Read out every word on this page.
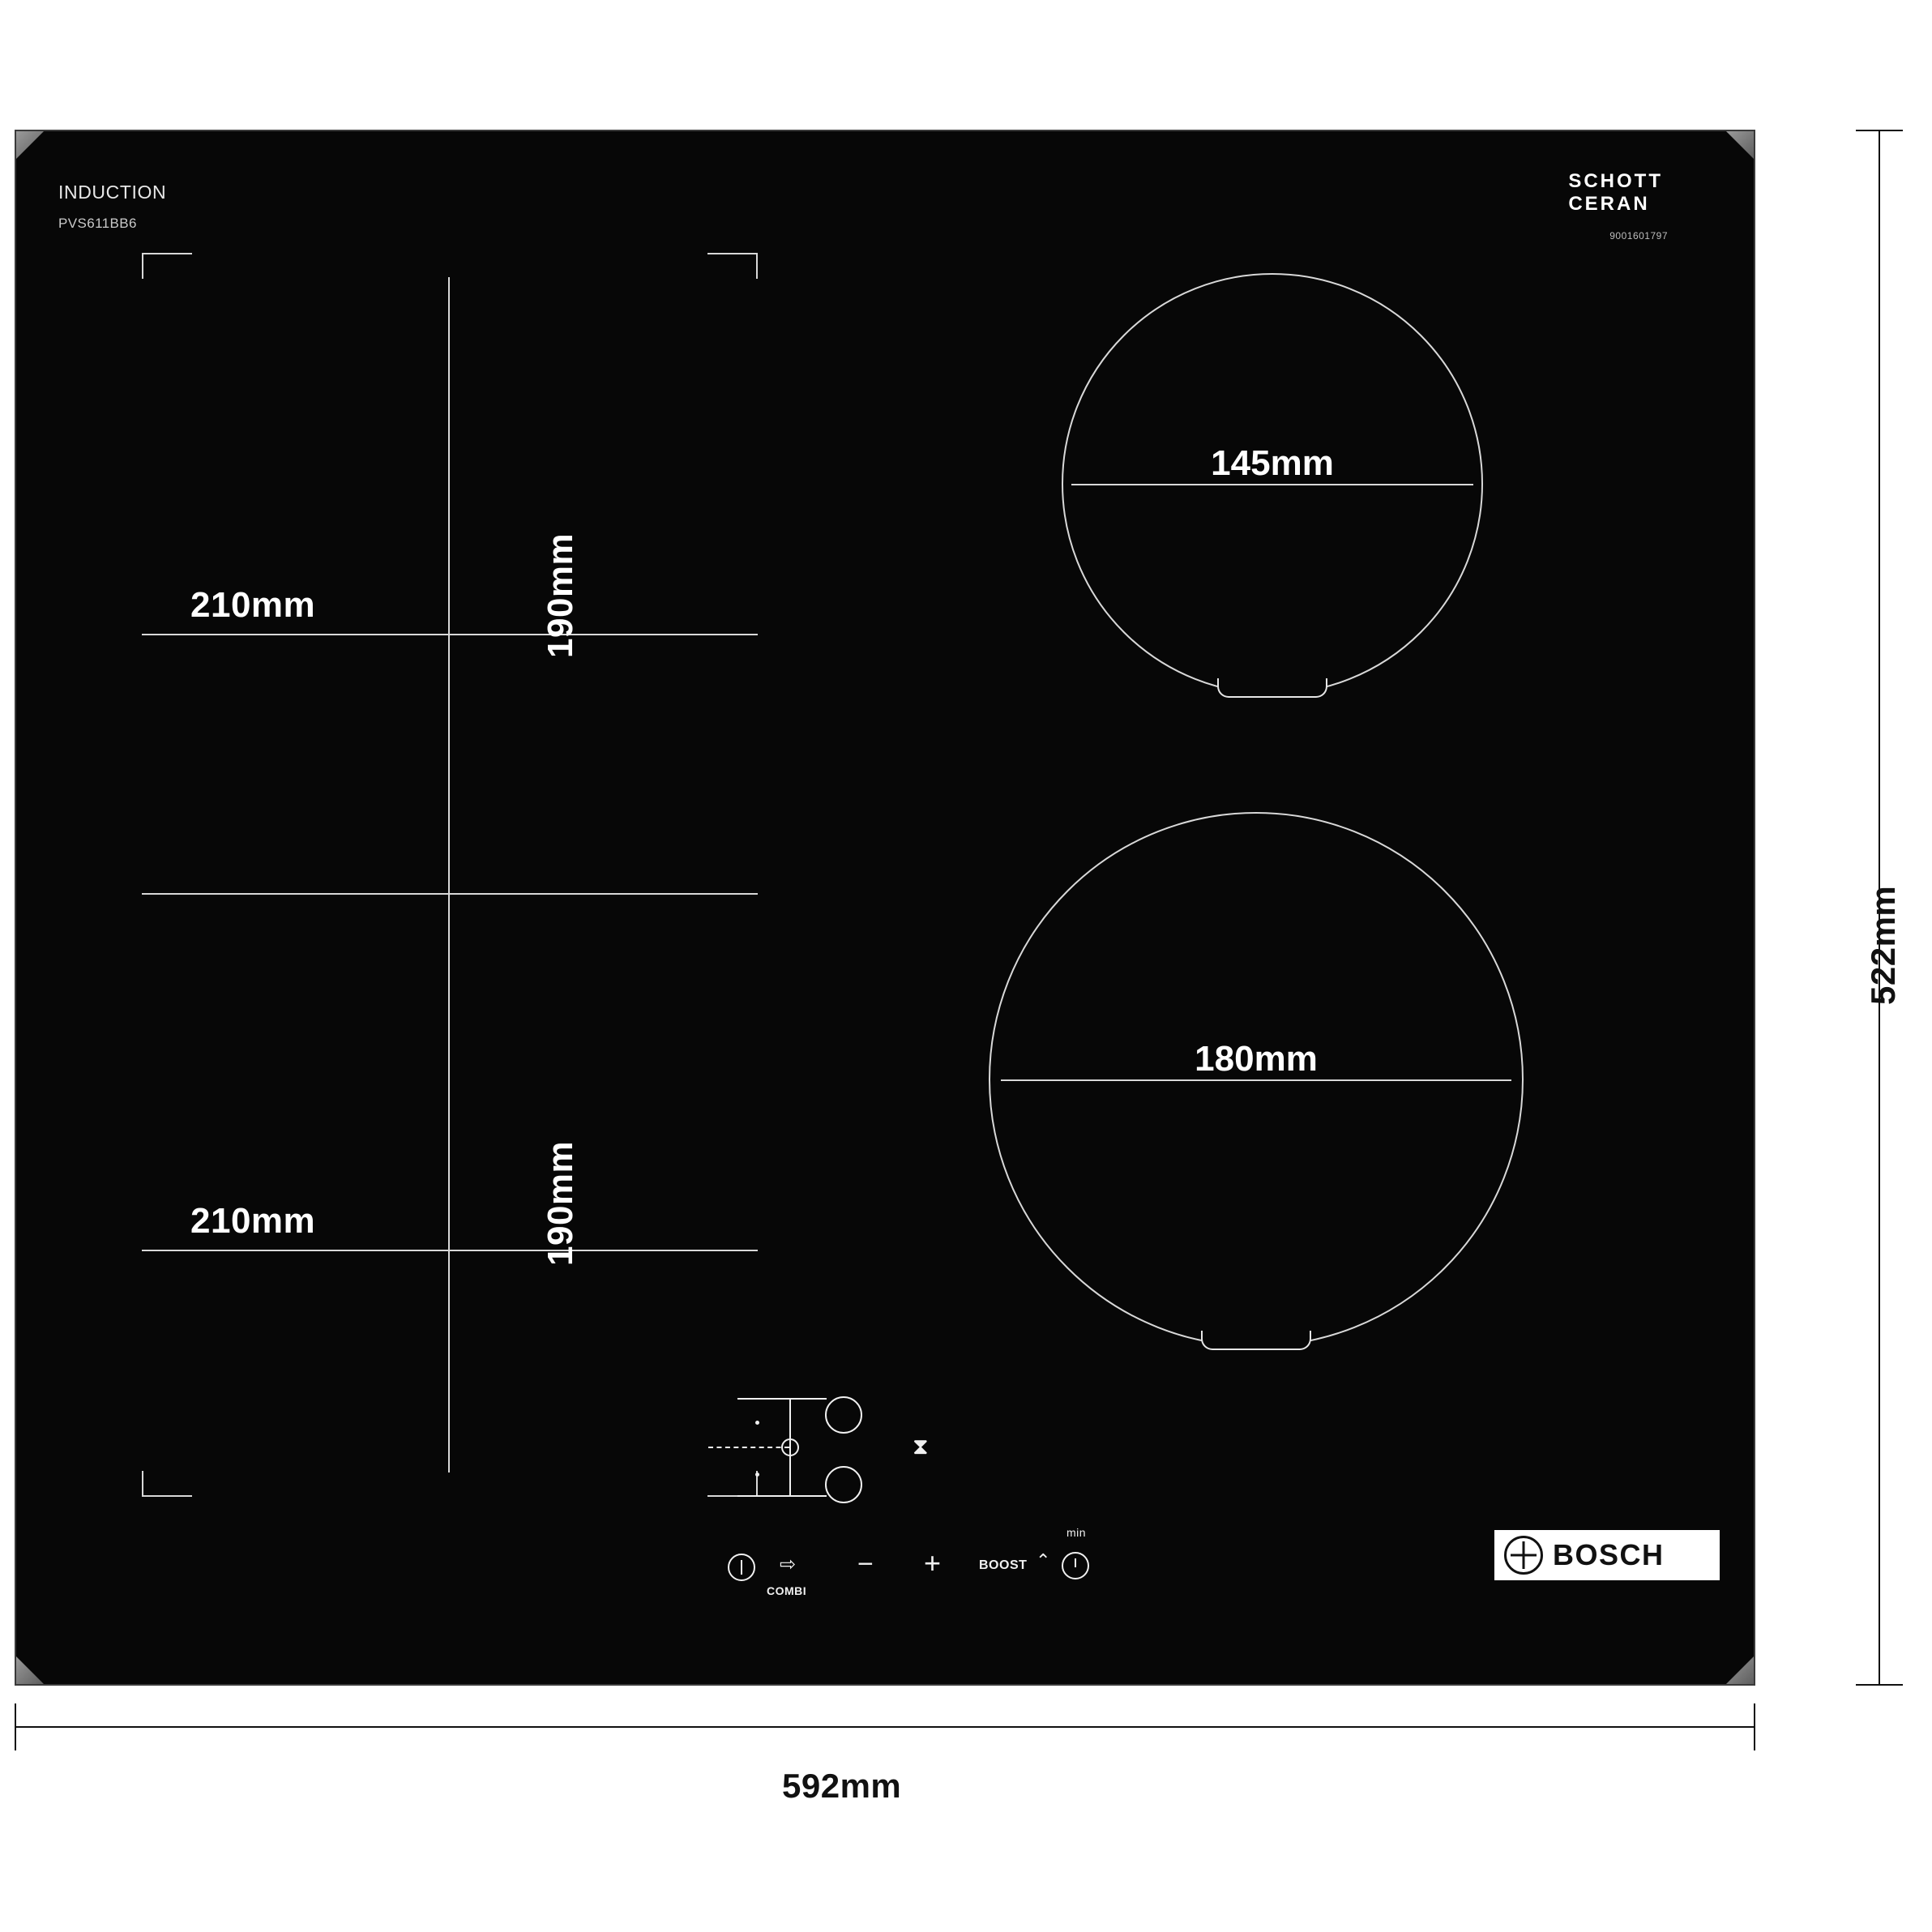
INDUCTION
PVS611BB6
SCHOTT
CERAN
9001601797
190mm
210mm
190mm
210mm
145mm
180mm
⧗
⇨
COMBI
− +	BOOST ⌃
min
BOSCH
522mm
592mm
